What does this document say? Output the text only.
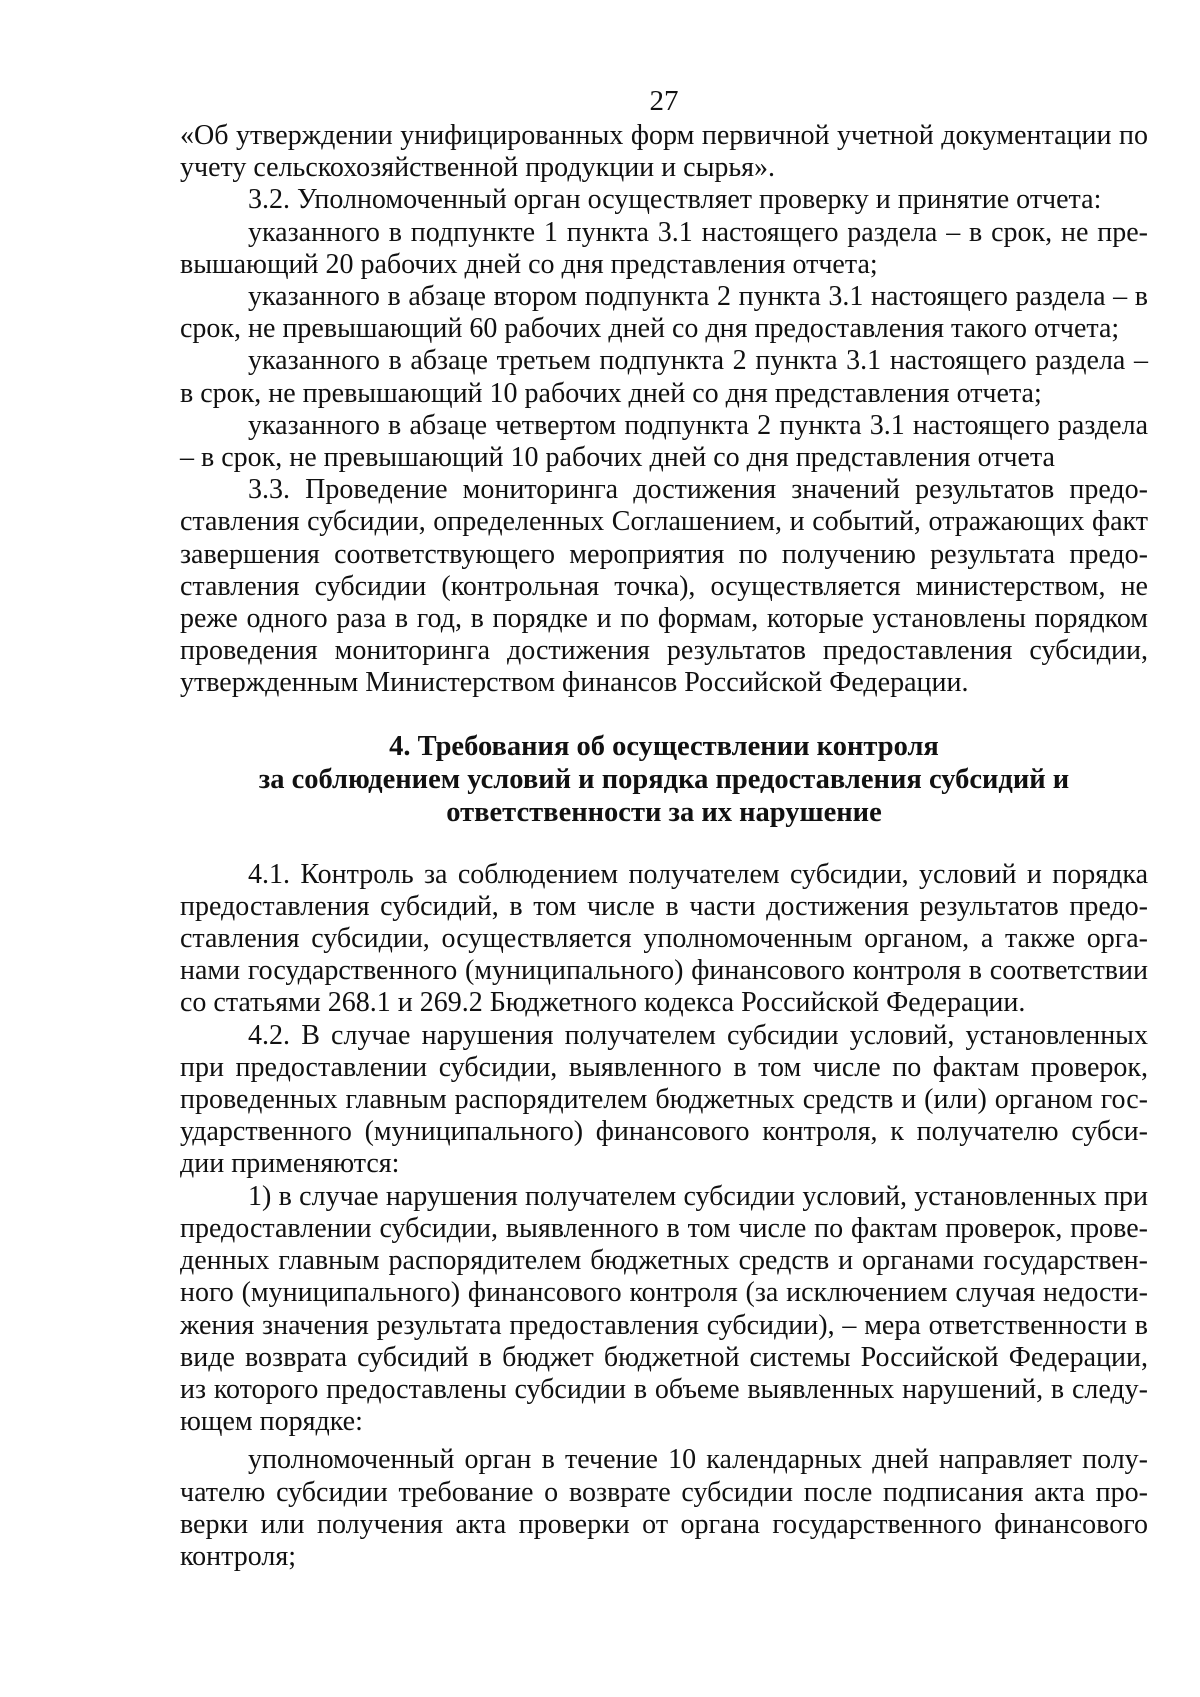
27

«Об утверждении унифицированных форм первичной учетной документации по учету сельскохозяйственной продукции и сырья».

3.2. Уполномоченный орган осуществляет проверку и принятие отчета:

указанного в подпункте 1 пункта 3.1 настоящего раздела – в срок, не превышающий 20 рабочих дней со дня представления отчета;

указанного в абзаце втором подпункта 2 пункта 3.1 настоящего раздела – в срок, не превышающий 60 рабочих дней со дня предоставления такого отчета;

указанного в абзаце третьем подпункта 2 пункта 3.1 настоящего раздела – в срок, не превышающий 10 рабочих дней со дня представления отчета;

указанного в абзаце четвертом подпункта 2 пункта 3.1 настоящего раздела – в срок, не превышающий 10 рабочих дней со дня представления отчета

3.3. Проведение мониторинга достижения значений результатов предоставления субсидии, определенных Соглашением, и событий, отражающих факт завершения соответствующего мероприятия по получению результата предоставления субсидии (контрольная точка), осуществляется министерством, не реже одного раза в год, в порядке и по формам, которые установлены порядком проведения мониторинга достижения результатов предоставления субсидии, утвержденным Министерством финансов Российской Федерации.

4. Требования об осуществлении контроля
за соблюдением условий и порядка предоставления субсидий и
ответственности за их нарушение

4.1. Контроль за соблюдением получателем субсидии, условий и порядка предоставления субсидий, в том числе в части достижения результатов предоставления субсидии, осуществляется уполномоченным органом, а также органами государственного (муниципального) финансового контроля в соответствии со статьями 268.1 и 269.2 Бюджетного кодекса Российской Федерации.

4.2. В случае нарушения получателем субсидии условий, установленных при предоставлении субсидии, выявленного в том числе по фактам проверок, проведенных главным распорядителем бюджетных средств и (или) органом государственного (муниципального) финансового контроля, к получателю субсидии применяются:

1) в случае нарушения получателем субсидии условий, установленных при предоставлении субсидии, выявленного в том числе по фактам проверок, проведенных главным распорядителем бюджетных средств и органами государственного (муниципального) финансового контроля (за исключением случая недостижения значения результата предоставления субсидии), – мера ответственности в виде возврата субсидий в бюджет бюджетной системы Российской Федерации, из которого предоставлены субсидии в объеме выявленных нарушений, в следующем порядке:

уполномоченный орган в течение 10 календарных дней направляет получателю субсидии требование о возврате субсидии после подписания акта проверки или получения акта проверки от органа государственного финансового контроля;
